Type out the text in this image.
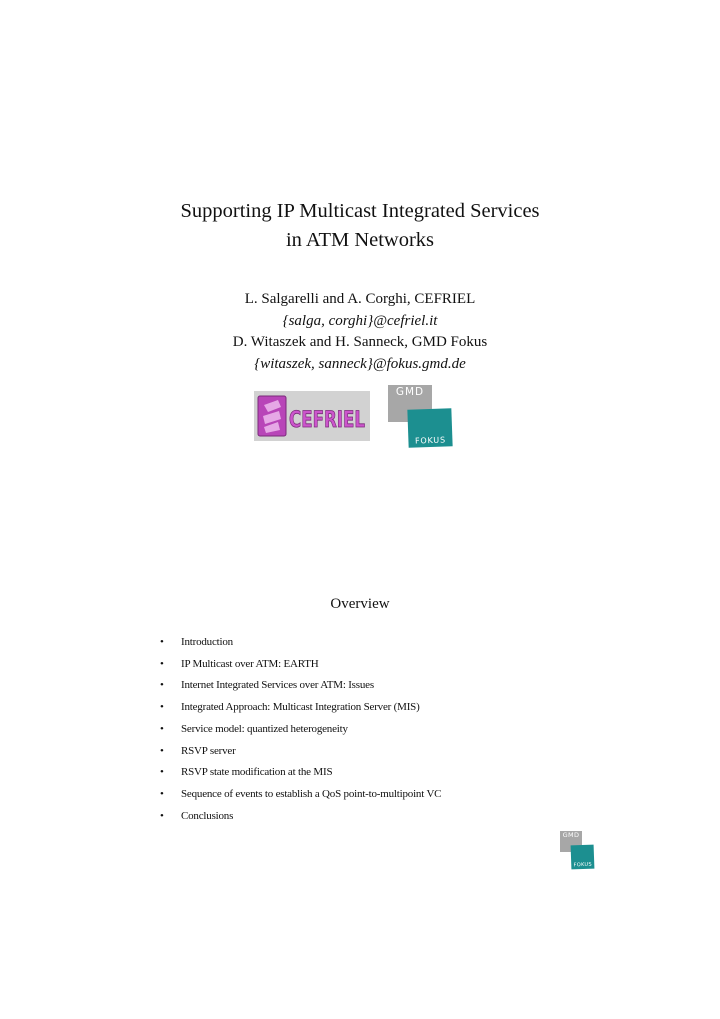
Supporting IP Multicast Integrated Services
in ATM Networks
L. Salgarelli and A. Corghi, CEFRIEL
{salga, corghi}@cefriel.it
D. Witaszek and H. Sanneck, GMD Fokus
{witaszek, sanneck}@fokus.gmd.de
CEFRIEL
GMD
FOKUS
Overview
• Introduction
• IP Multicast over ATM: EARTH
• Internet Integrated Services over ATM: Issues
• Integrated Approach: Multicast Integration Server (MIS)
• Service model: quantized heterogeneity
• RSVP server
• RSVP state modification at the MIS
• Sequence of events to establish a QoS point-to-multipoint VC
• Conclusions
GMD
FOKUS
